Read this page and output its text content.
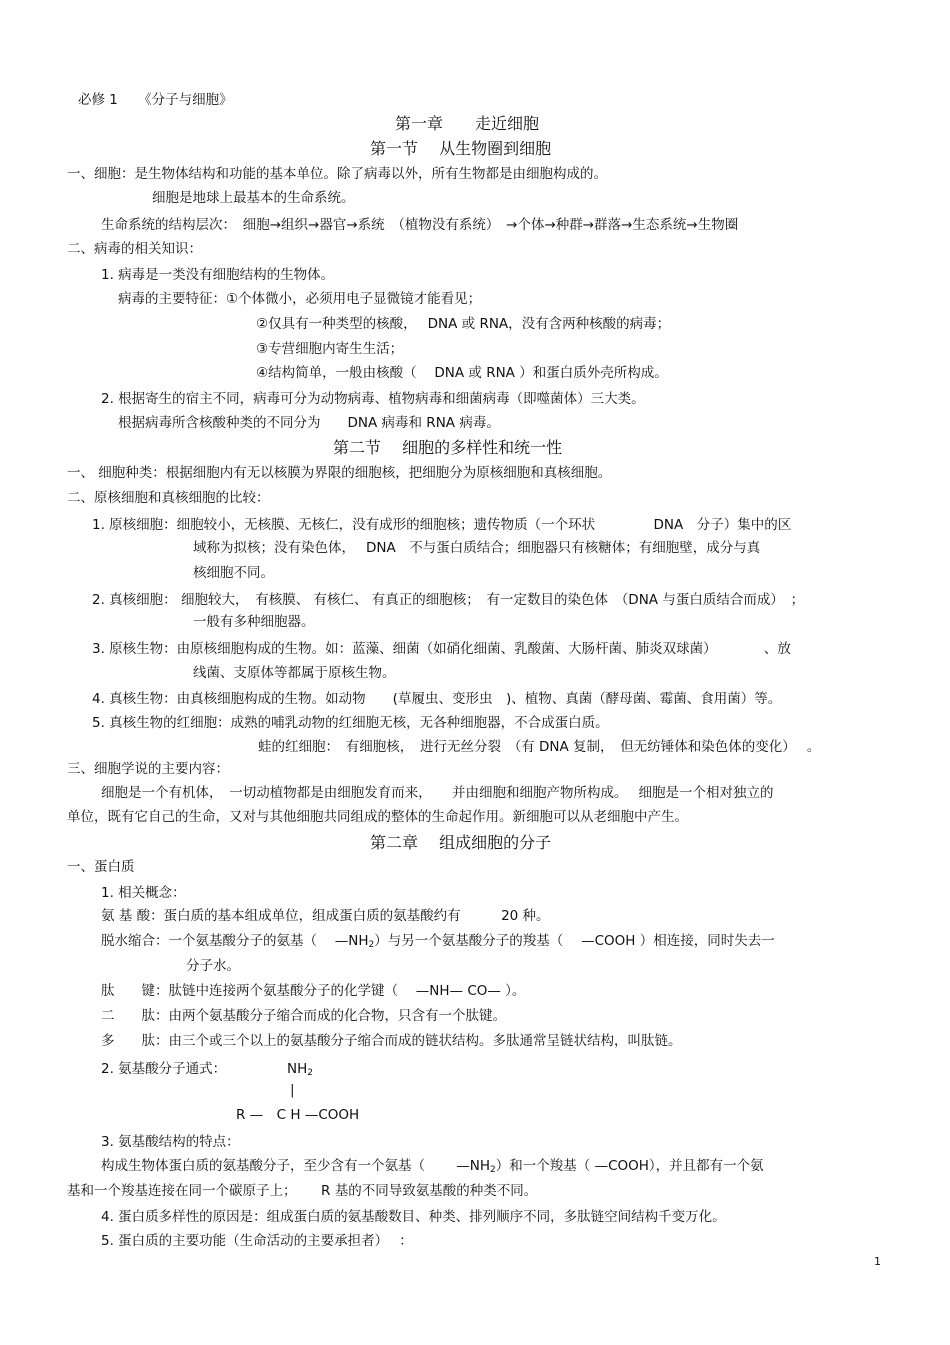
必修 1　　《分子与细胞》
第一章　　走近细胞
第一节　 从生物圈到细胞
一、细胞：是生物体结构和功能的基本单位。除了病毒以外，所有生物都是由细胞构成的。
细胞是地球上最基本的生命系统。
生命系统的结构层次：　细胞→组织→器官→系统　（植物没有系统）　→个体→种群→群落→生态系统→生物圈
二、病毒的相关知识：
1. 病毒是一类没有细胞结构的生物体。
病毒的主要特征：①个体微小，必须用电子显微镜才能看见；
②仅具有一种类型的核酸，　 DNA 或 RNA，没有含两种核酸的病毒；
③专营细胞内寄生生活；
④结构简单，一般由核酸（　 DNA 或 RNA ）和蛋白质外壳所构成。
2. 根据寄生的宿主不同，病毒可分为动物病毒、植物病毒和细菌病毒（即噬菌体）三大类。
根据病毒所含核酸种类的不同分为　　DNA 病毒和 RNA 病毒。
第二节　 细胞的多样性和统一性
一、 细胞种类：根据细胞内有无以核膜为界限的细胞核，把细胞分为原核细胞和真核细胞。
二、原核细胞和真核细胞的比较：
1. 原核细胞：细胞较小，无核膜、无核仁，没有成形的细胞核；遗传物质（一个环状　　　　 DNA　分子）集中的区
域称为拟核；没有染色体，　 DNA　不与蛋白质结合；细胞器只有核糖体；有细胞壁，成分与真
核细胞不同。
2. 真核细胞： 细胞较大，　有核膜、 有核仁、 有真正的细胞核；　有一定数目的染色体　（DNA 与蛋白质结合而成）　；
一般有多种细胞器。
3. 原核生物：由原核细胞构成的生物。如：蓝藻、细菌（如硝化细菌、乳酸菌、大肠杆菌、肺炎双球菌）　　　　、放
线菌、支原体等都属于原核生物。
4. 真核生物：由真核细胞构成的生物。如动物　　(草履虫、变形虫　)、植物、真菌（酵母菌、霉菌、食用菌）等。
5. 真核生物的红细胞：成熟的哺乳动物的红细胞无核，无各种细胞器，不合成蛋白质。
蛙的红细胞：　有细胞核，　进行无丝分裂　（有 DNA 复制，　但无纺锤体和染色体的变化）　 。
三、细胞学说的主要内容：
细胞是一个有机体，　一切动植物都是由细胞发育而来，　　并由细胞和细胞产物所构成。　 细胞是一个相对独立的
单位，既有它自己的生命，又对与其他细胞共同组成的整体的生命起作用。新细胞可以从老细胞中产生。
第二章　 组成细胞的分子
一、蛋白质
1. 相关概念：
氨 基 酸：蛋白质的基本组成单位，组成蛋白质的氨基酸约有　　　20 种。
脱水缩合：一个氨基酸分子的氨基（　 $—NH_2$）与另一个氨基酸分子的羧基（　 —COOH ）相连接，同时失去一
分子水。
肽　　键：肽链中连接两个氨基酸分子的化学键（　 —NH— CO— ）。
二　　肽：由两个氨基酸分子缩合而成的化合物，只含有一个肽键。
多　　肽：由三个或三个以上的氨基酸分子缩合而成的链状结构。多肽通常呈链状结构，叫肽链。
2. 氨基酸分子通式：	$NH_2$
|
R —　C H —COOH
3. 氨基酸结构的特点：
构成生物体蛋白质的氨基酸分子，至少含有一个氨基（　　 $—NH_2$）和一个羧基（ —COOH），并且都有一个氨
基和一个羧基连接在同一个碳原子上；　　 R 基的不同导致氨基酸的种类不同。
4. 蛋白质多样性的原因是：组成蛋白质的氨基酸数目、种类、排列顺序不同，多肽链空间结构千变万化。
5. 蛋白质的主要功能（生命活动的主要承担者）　 ：
1
